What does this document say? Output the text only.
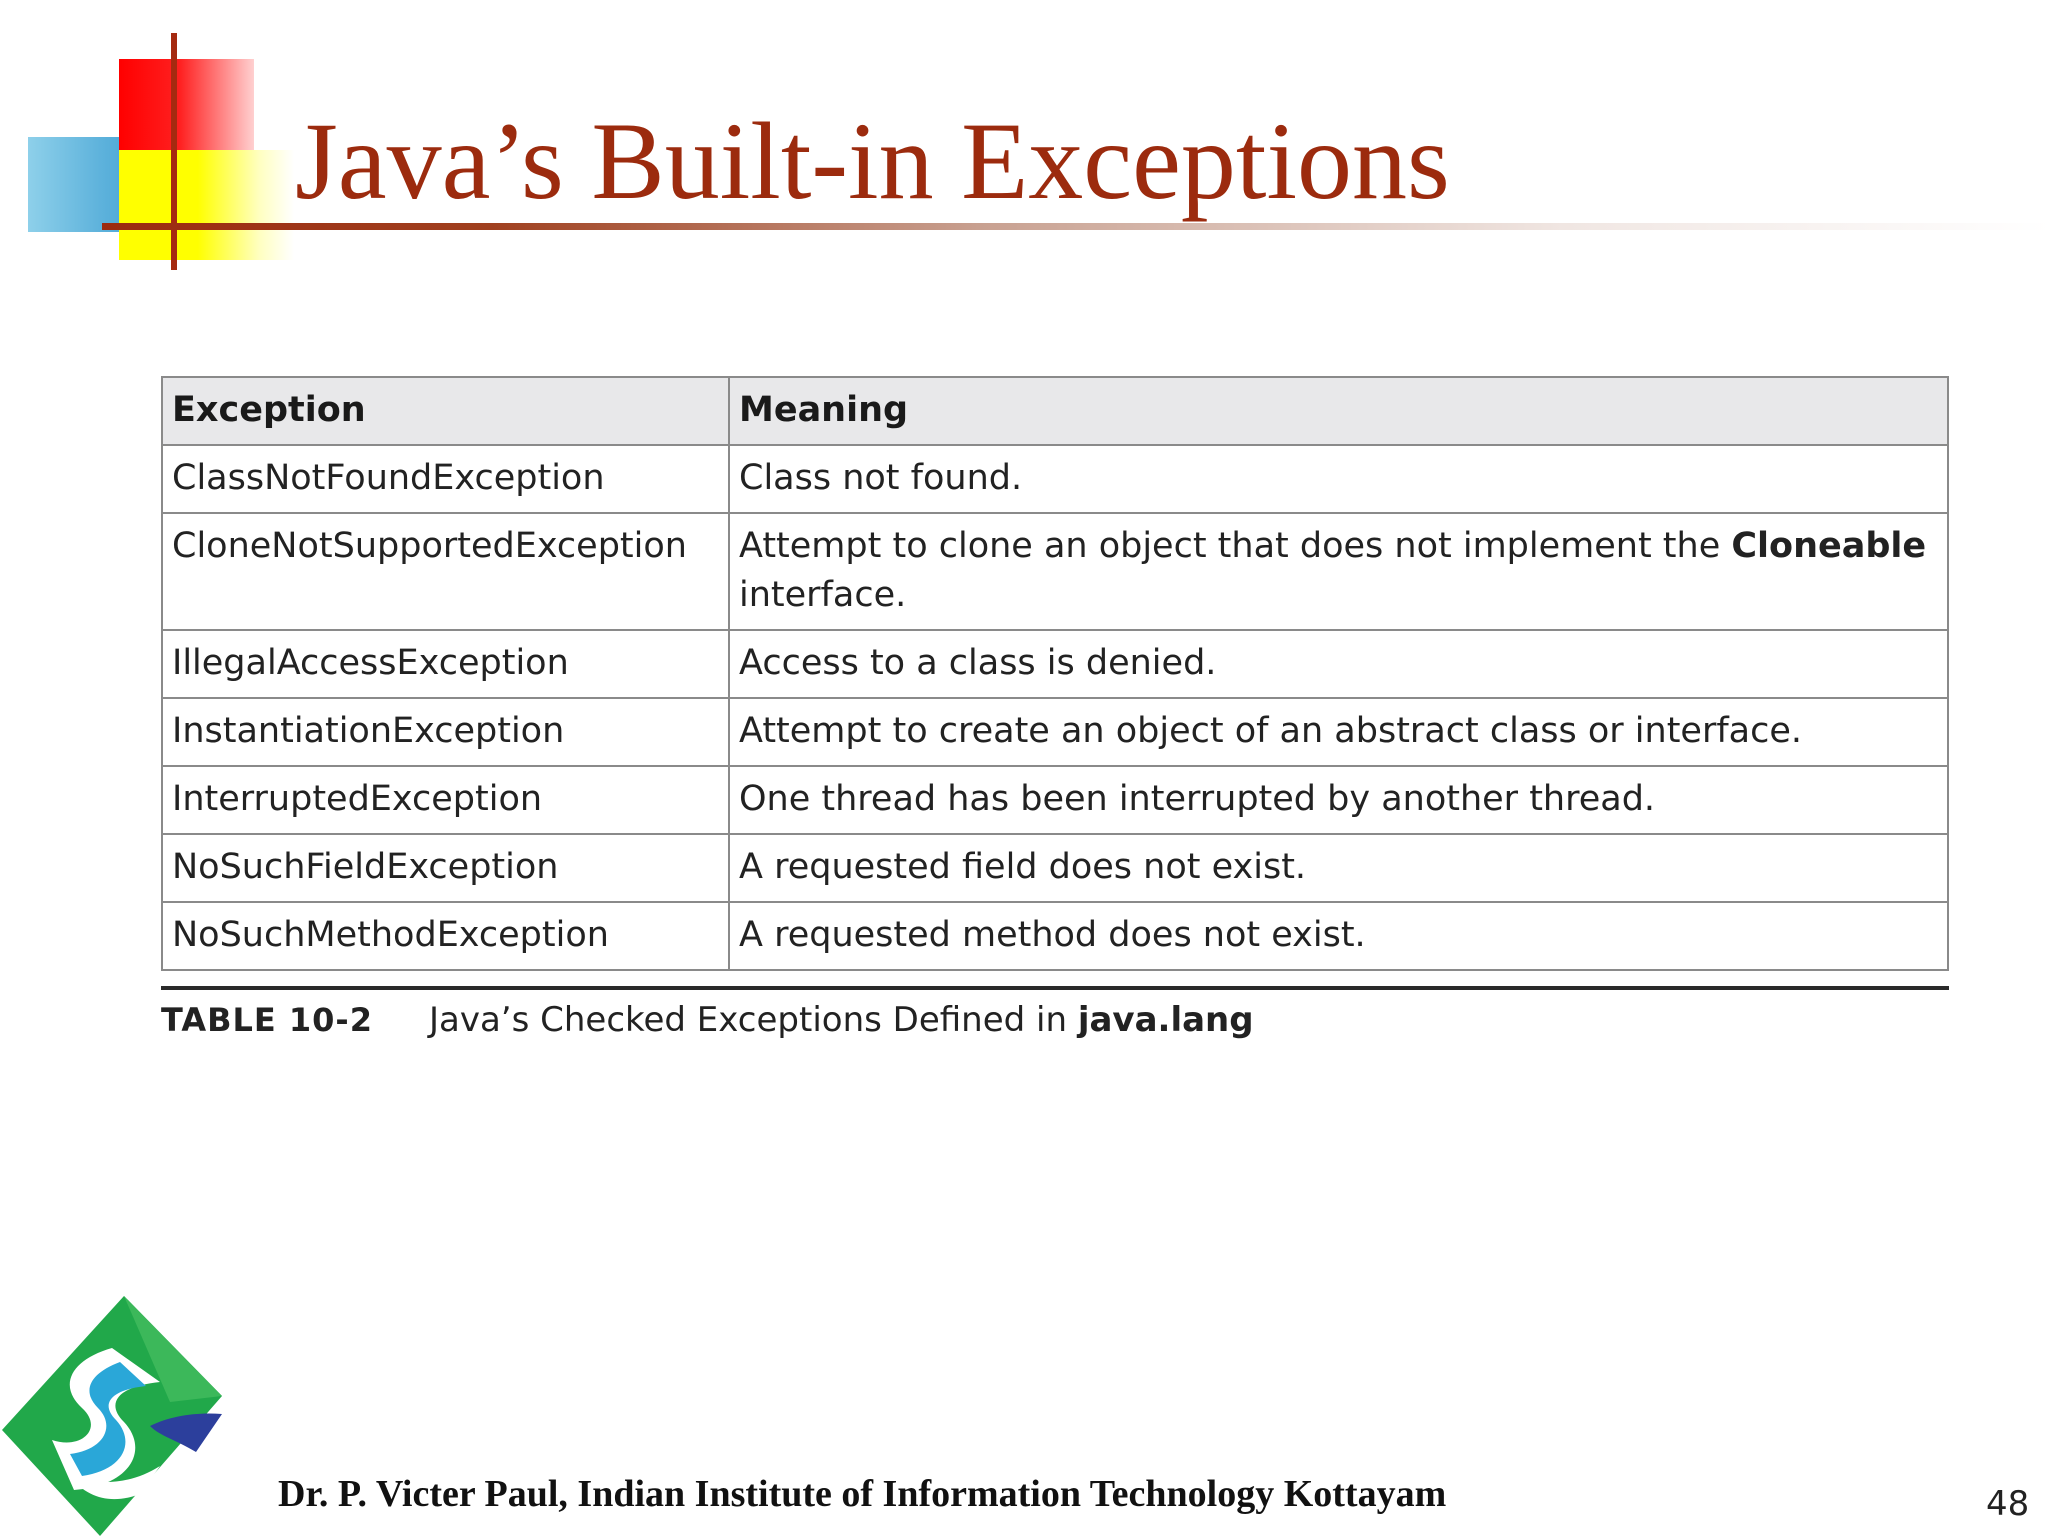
Java’s Built-in Exceptions
Exception	Meaning
ClassNotFoundException	Class not found.
CloneNotSupportedException	Attempt to clone an object that does not implement the Cloneable interface.
IllegalAccessException	Access to a class is denied.
InstantiationException	Attempt to create an object of an abstract class or interface.
InterruptedException	One thread has been interrupted by another thread.
NoSuchFieldException	A requested field does not exist.
NoSuchMethodException	A requested method does not exist.
TABLE 10-2 Java’s Checked Exceptions Defined in java.lang
Dr. P. Victer Paul, Indian Institute of Information Technology Kottayam	48
